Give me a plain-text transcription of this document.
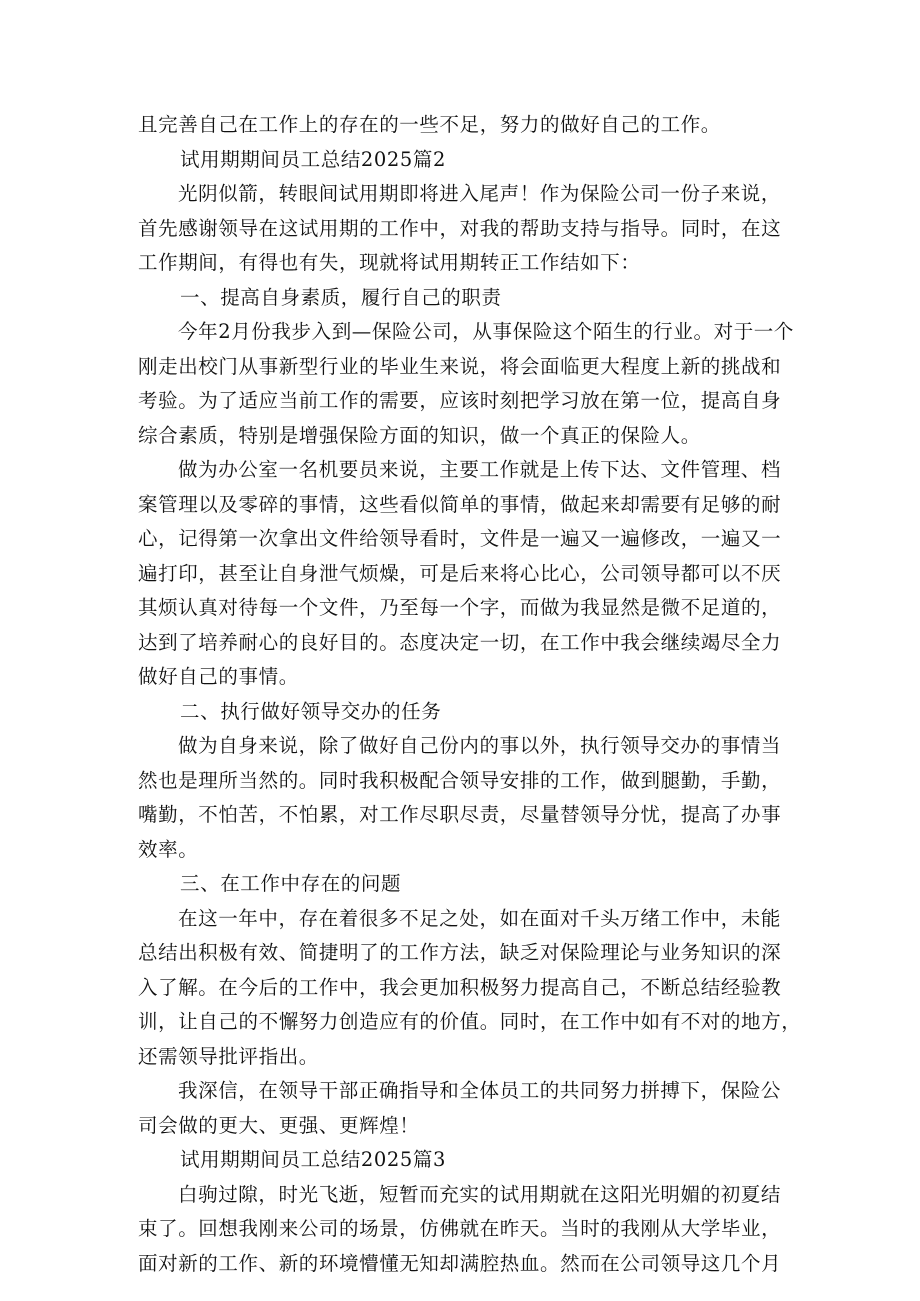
且完善自己在工作上的存在的一些不足，努力的做好自己的工作。
试用期期间员工总结2025篇2
光阴似箭，转眼间试用期即将进入尾声！作为保险公司一份子来说，
首先感谢领导在这试用期的工作中，对我的帮助支持与指导。同时，在这
工作期间，有得也有失，现就将试用期转正工作结如下：
一、提高自身素质，履行自己的职责
今年2月份我步入到—保险公司，从事保险这个陌生的行业。对于一个
刚走出校门从事新型行业的毕业生来说，将会面临更大程度上新的挑战和
考验。为了适应当前工作的需要，应该时刻把学习放在第一位，提高自身
综合素质，特别是增强保险方面的知识，做一个真正的保险人。
做为办公室一名机要员来说，主要工作就是上传下达、文件管理、档
案管理以及零碎的事情，这些看似简单的事情，做起来却需要有足够的耐
心，记得第一次拿出文件给领导看时，文件是一遍又一遍修改，一遍又一
遍打印，甚至让自身泄气烦燥，可是后来将心比心，公司领导都可以不厌
其烦认真对待每一个文件，乃至每一个字，而做为我显然是微不足道的，
达到了培养耐心的良好目的。态度决定一切，在工作中我会继续竭尽全力
做好自己的事情。
二、执行做好领导交办的任务
做为自身来说，除了做好自己份内的事以外，执行领导交办的事情当
然也是理所当然的。同时我积极配合领导安排的工作，做到腿勤，手勤，
嘴勤，不怕苦，不怕累，对工作尽职尽责，尽量替领导分忧，提高了办事
效率。
三、在工作中存在的问题
在这一年中，存在着很多不足之处，如在面对千头万绪工作中，未能
总结出积极有效、简捷明了的工作方法，缺乏对保险理论与业务知识的深
入了解。在今后的工作中，我会更加积极努力提高自己，不断总结经验教
训，让自己的不懈努力创造应有的价值。同时，在工作中如有不对的地方，
还需领导批评指出。
我深信，在领导干部正确指导和全体员工的共同努力拼搏下，保险公
司会做的更大、更强、更辉煌！
试用期期间员工总结2025篇3
白驹过隙，时光飞逝，短暂而充实的试用期就在这阳光明媚的初夏结
束了。回想我刚来公司的场景，仿佛就在昨天。当时的我刚从大学毕业，
面对新的工作、新的环境懵懂无知却满腔热血。然而在公司领导这几个月
